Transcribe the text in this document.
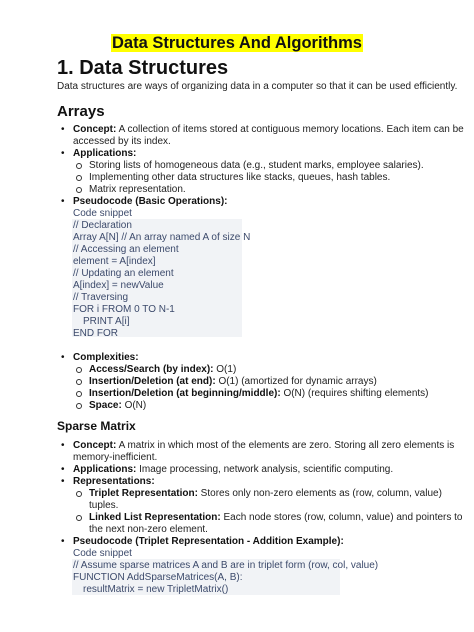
Data Structures And Algorithms
1. Data Structures
Data structures are ways of organizing data in a computer so that it can be used efficiently.
Arrays
• Concept: A collection of items stored at contiguous memory locations. Each item can be
accessed by its index.
• Applications:
Storing lists of homogeneous data (e.g., student marks, employee salaries).
Implementing other data structures like stacks, queues, hash tables.
Matrix representation.
• Pseudocode (Basic Operations):
Code snippet
// Declaration
Array A[N] // An array named A of size N
// Accessing an element
element = A[index]
// Updating an element
A[index] = newValue
// Traversing
FOR i FROM 0 TO N-1
PRINT A[i]
END FOR
• Complexities:
Access/Search (by index): O(1)
Insertion/Deletion (at end): O(1) (amortized for dynamic arrays)
Insertion/Deletion (at beginning/middle): O(N) (requires shifting elements)
Space: O(N)
Sparse Matrix
• Concept: A matrix in which most of the elements are zero. Storing all zero elements is
memory-inefficient.
• Applications: Image processing, network analysis, scientific computing.
• Representations:
Triplet Representation: Stores only non-zero elements as (row, column, value)
tuples.
Linked List Representation: Each node stores (row, column, value) and pointers to
the next non-zero element.
• Pseudocode (Triplet Representation - Addition Example):
Code snippet
// Assume sparse matrices A and B are in triplet form (row, col, value)
FUNCTION AddSparseMatrices(A, B):
resultMatrix = new TripletMatrix()
